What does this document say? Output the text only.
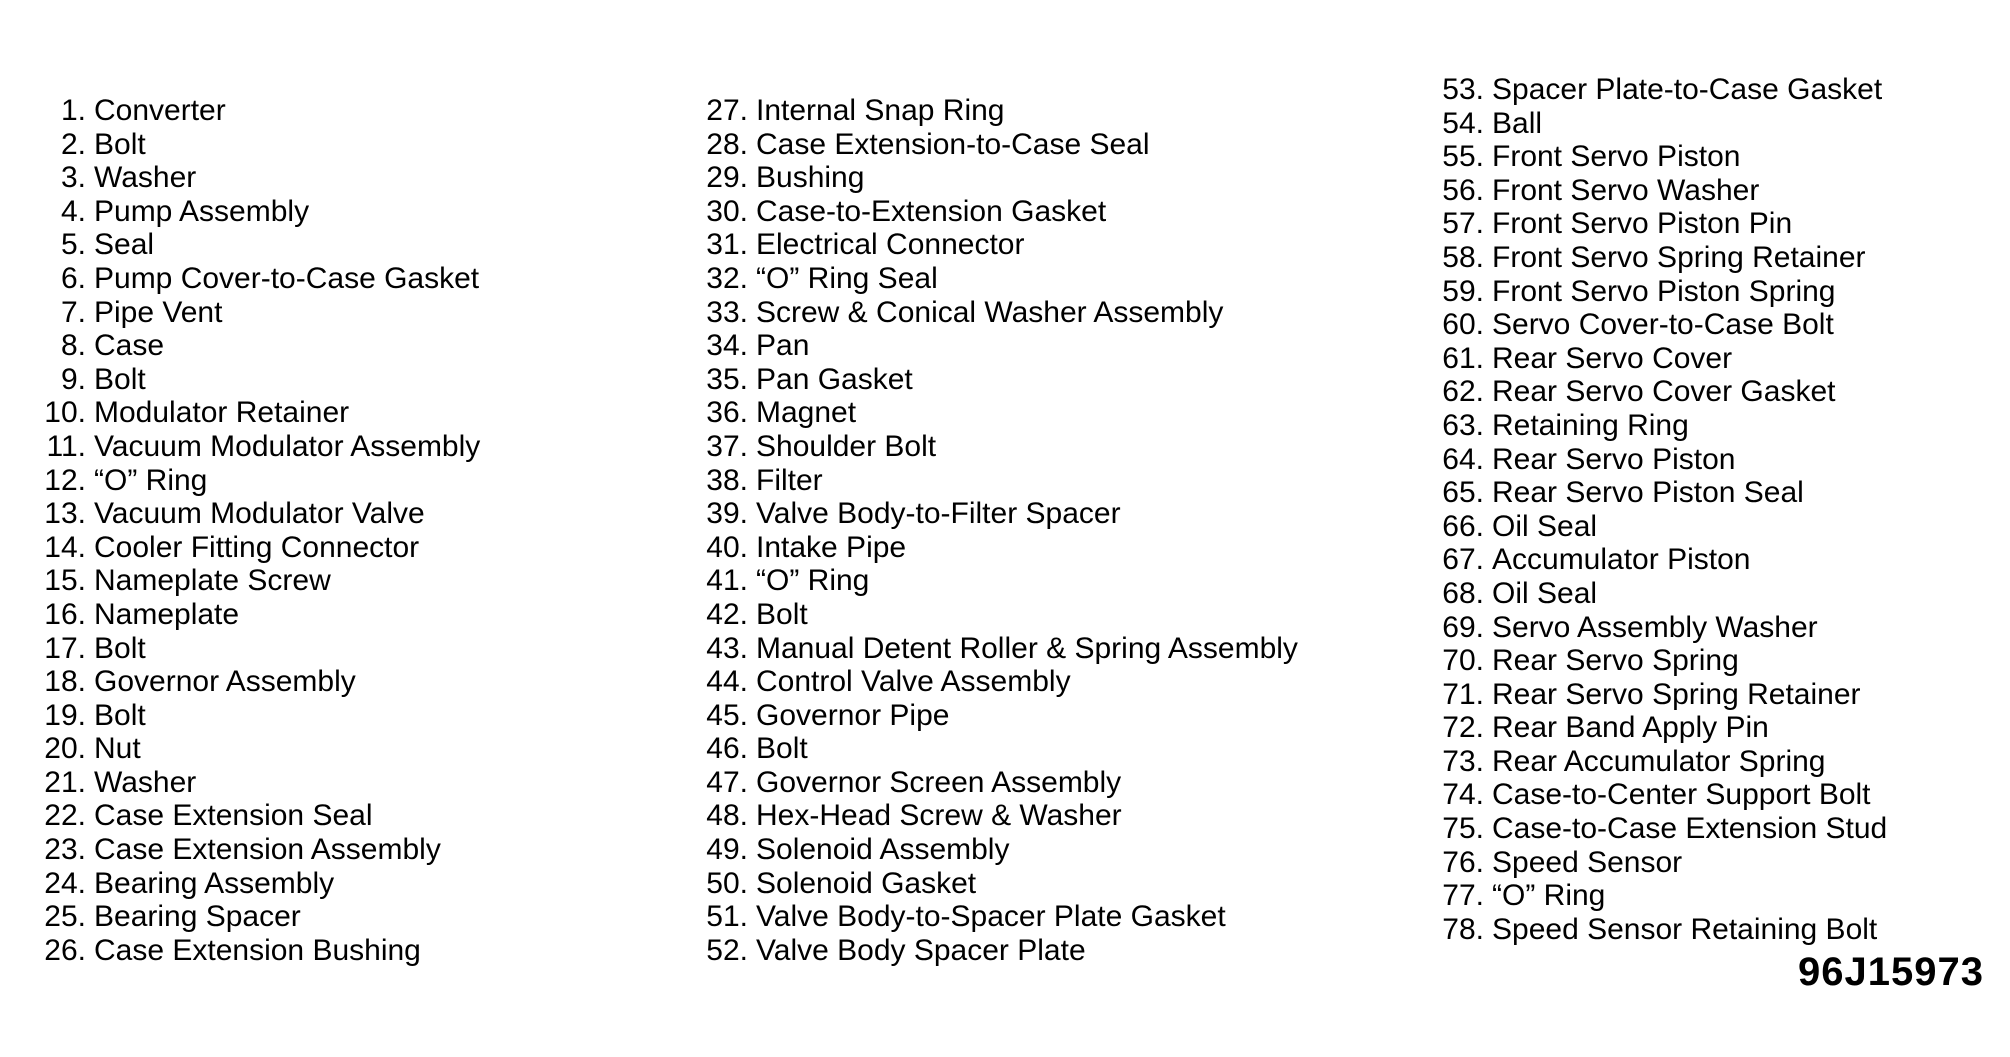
1. Converter
2. Bolt
3. Washer
4. Pump Assembly
5. Seal
6. Pump Cover-to-Case Gasket
7. Pipe Vent
8. Case
9. Bolt
10. Modulator Retainer
11. Vacuum Modulator Assembly
12. “O” Ring
13. Vacuum Modulator Valve
14. Cooler Fitting Connector
15. Nameplate Screw
16. Nameplate
17. Bolt
18. Governor Assembly
19. Bolt
20. Nut
21. Washer
22. Case Extension Seal
23. Case Extension Assembly
24. Bearing Assembly
25. Bearing Spacer
26. Case Extension Bushing
27. Internal Snap Ring
28. Case Extension-to-Case Seal
29. Bushing
30. Case-to-Extension Gasket
31. Electrical Connector
32. “O” Ring Seal
33. Screw & Conical Washer Assembly
34. Pan
35. Pan Gasket
36. Magnet
37. Shoulder Bolt
38. Filter
39. Valve Body-to-Filter Spacer
40. Intake Pipe
41. “O” Ring
42. Bolt
43. Manual Detent Roller & Spring Assembly
44. Control Valve Assembly
45. Governor Pipe
46. Bolt
47. Governor Screen Assembly
48. Hex-Head Screw & Washer
49. Solenoid Assembly
50. Solenoid Gasket
51. Valve Body-to-Spacer Plate Gasket
52. Valve Body Spacer Plate
53. Spacer Plate-to-Case Gasket
54. Ball
55. Front Servo Piston
56. Front Servo Washer
57. Front Servo Piston Pin
58. Front Servo Spring Retainer
59. Front Servo Piston Spring
60. Servo Cover-to-Case Bolt
61. Rear Servo Cover
62. Rear Servo Cover Gasket
63. Retaining Ring
64. Rear Servo Piston
65. Rear Servo Piston Seal
66. Oil Seal
67. Accumulator Piston
68. Oil Seal
69. Servo Assembly Washer
70. Rear Servo Spring
71. Rear Servo Spring Retainer
72. Rear Band Apply Pin
73. Rear Accumulator Spring
74. Case-to-Center Support Bolt
75. Case-to-Case Extension Stud
76. Speed Sensor
77. “O” Ring
78. Speed Sensor Retaining Bolt
96J15973
